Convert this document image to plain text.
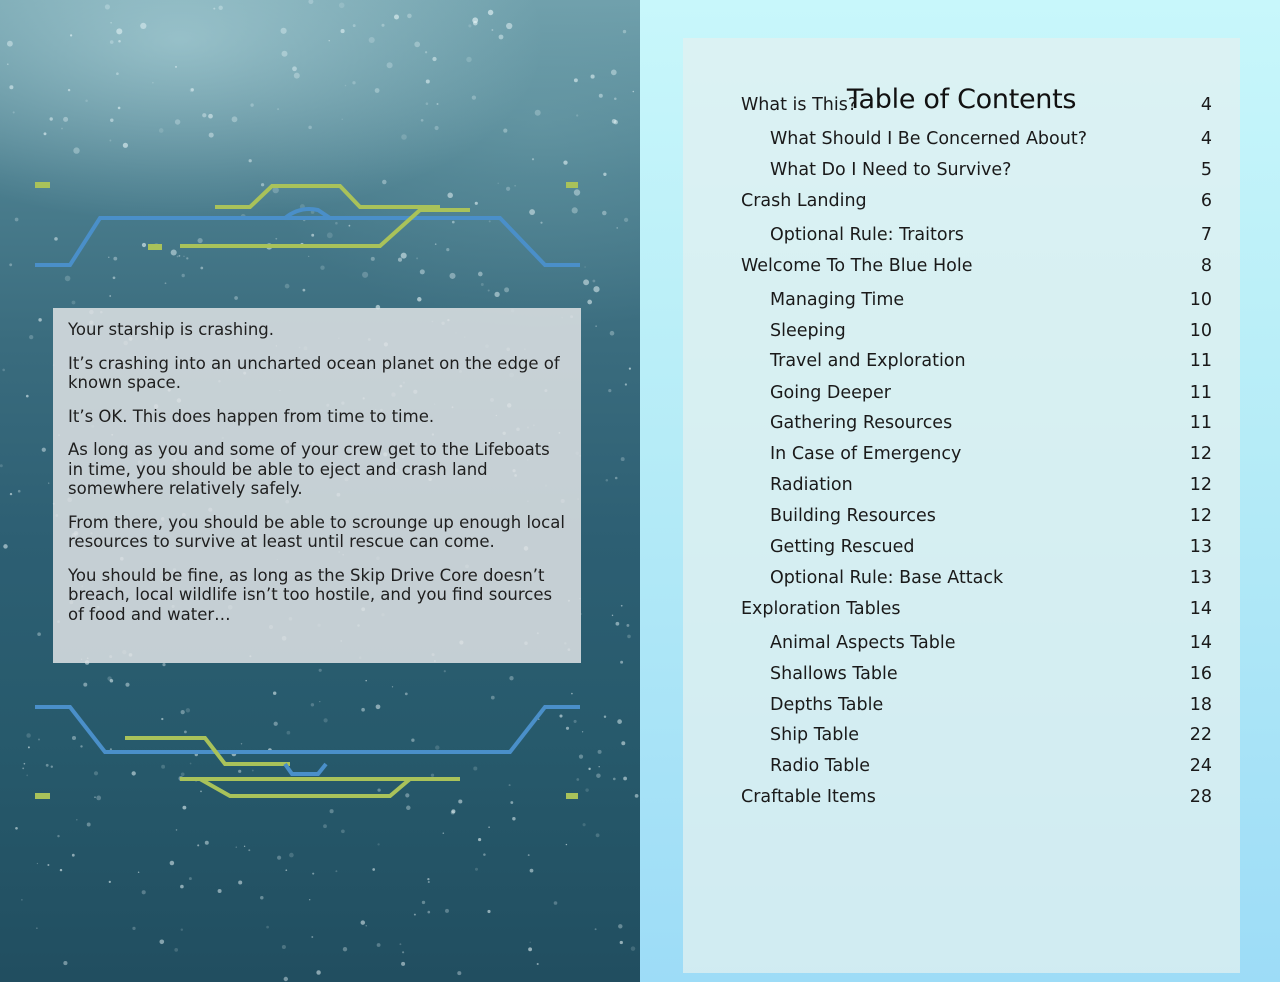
Your starship is crashing.

It’s crashing into an uncharted ocean planet on the edge of known space.

It’s OK. This does happen from time to time.

As long as you and some of your crew get to the Lifeboats in time, you should be able to eject and crash land somewhere relatively safely.

From there, you should be able to scrounge up enough local resources to survive at least until rescue can come.

You should be fine, as long as the Skip Drive Core doesn’t breach, local wildlife isn’t too hostile, and you find sources of food and water…

Table of Contents
What is This?	4
What Should I Be Concerned About?	4
What Do I Need to Survive?	5
Crash Landing	6
Optional Rule: Traitors	7
Welcome To The Blue Hole	8
Managing Time	10
Sleeping	10
Travel and Exploration	11
Going Deeper	11
Gathering Resources	11
In Case of Emergency	12
Radiation	12
Building Resources	12
Getting Rescued	13
Optional Rule: Base Attack	13
Exploration Tables	14
Animal Aspects Table	14
Shallows Table	16
Depths Table	18
Ship Table	22
Radio Table	24
Craftable Items	28
